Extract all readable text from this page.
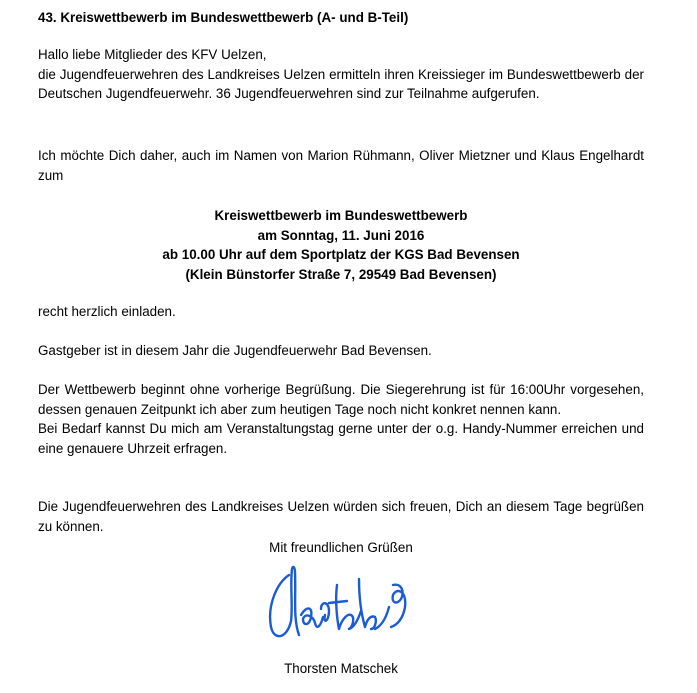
43. Kreiswettbewerb im Bundeswettbewerb (A- und B-Teil)

Hallo liebe Mitglieder des KFV Uelzen,

die Jugendfeuerwehren des Landkreises Uelzen ermitteln ihren Kreissieger im Bundeswettbewerb der Deutschen Jugendfeuerwehr. 36 Jugendfeuerwehren sind zur Teilnahme aufgerufen.

Ich möchte Dich daher, auch im Namen von Marion Rühmann, Oliver Mietzner und Klaus Engelhardt zum

Kreiswettbewerb im Bundeswettbewerb
am Sonntag, 11. Juni 2016
ab 10.00 Uhr auf dem Sportplatz der KGS Bad Bevensen
(Klein Bünstorfer Straße 7, 29549 Bad Bevensen)

recht herzlich einladen.

Gastgeber ist in diesem Jahr die Jugendfeuerwehr Bad Bevensen.

Der Wettbewerb beginnt ohne vorherige Begrüßung. Die Siegerehrung ist für 16:00Uhr vorgesehen, dessen genauen Zeitpunkt ich aber zum heutigen Tage noch nicht konkret nennen kann.

Bei Bedarf kannst Du mich am Veranstaltungstag gerne unter der o.g. Handy-Nummer erreichen und eine genauere Uhrzeit erfragen.

Die Jugendfeuerwehren des Landkreises Uelzen würden sich freuen, Dich an diesem Tage begrüßen zu können.

Mit freundlichen Grüßen
Thorsten Matschek
